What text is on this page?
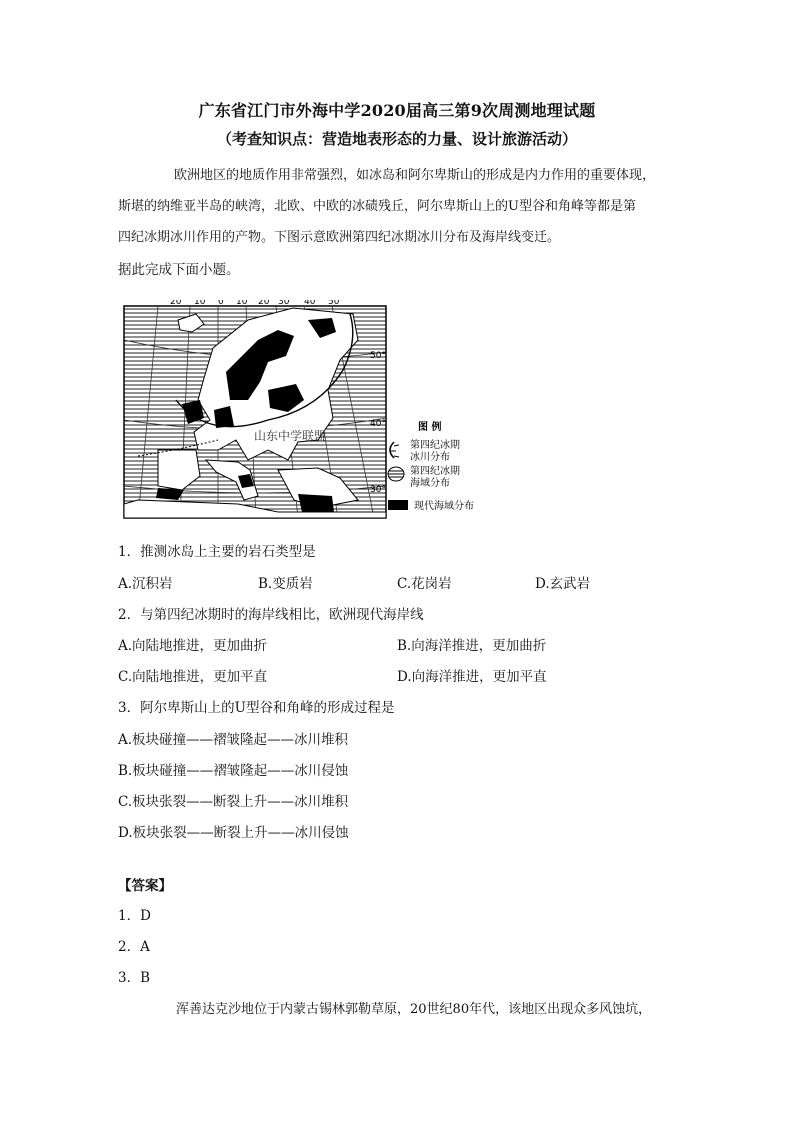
广东省江门市外海中学2020届高三第9次周测地理试题
（考查知识点：营造地表形态的力量、设计旅游活动）

欧洲地区的地质作用非常强烈，如冰岛和阿尔卑斯山的形成是内力作用的重要体现，

斯堪的纳维亚半岛的峡湾，北欧、中欧的冰碛残丘，阿尔卑斯山上的U型谷和角峰等都是第

四纪冰期冰川作用的产物。下图示意欧洲第四纪冰期冰川分布及海岸线变迁。

据此完成下面小题。
20° 10° 0° 10° 20° 30° 40° 50°
50°
40°
30°
山东中学联盟
图 例
第四纪冰期
冰川分布
第四纪冰期
海域分布
现代海域分布
1．推测冰岛上主要的岩石类型是
A.沉积岩	B.变质岩	C.花岗岩	D.玄武岩
2．与第四纪冰期时的海岸线相比，欧洲现代海岸线
A.向陆地推进，更加曲折	B.向海洋推进，更加曲折
C.向陆地推进，更加平直	D.向海洋推进，更加平直
3．阿尔卑斯山上的U型谷和角峰的形成过程是
A.板块碰撞——褶皱隆起——冰川堆积
B.板块碰撞——褶皱隆起——冰川侵蚀
C.板块张裂——断裂上升——冰川堆积
D.板块张裂——断裂上升——冰川侵蚀
【答案】
1．D
2．A
3．B
浑善达克沙地位于内蒙古锡林郭勒草原，20世纪80年代，该地区出现众多风蚀坑，
